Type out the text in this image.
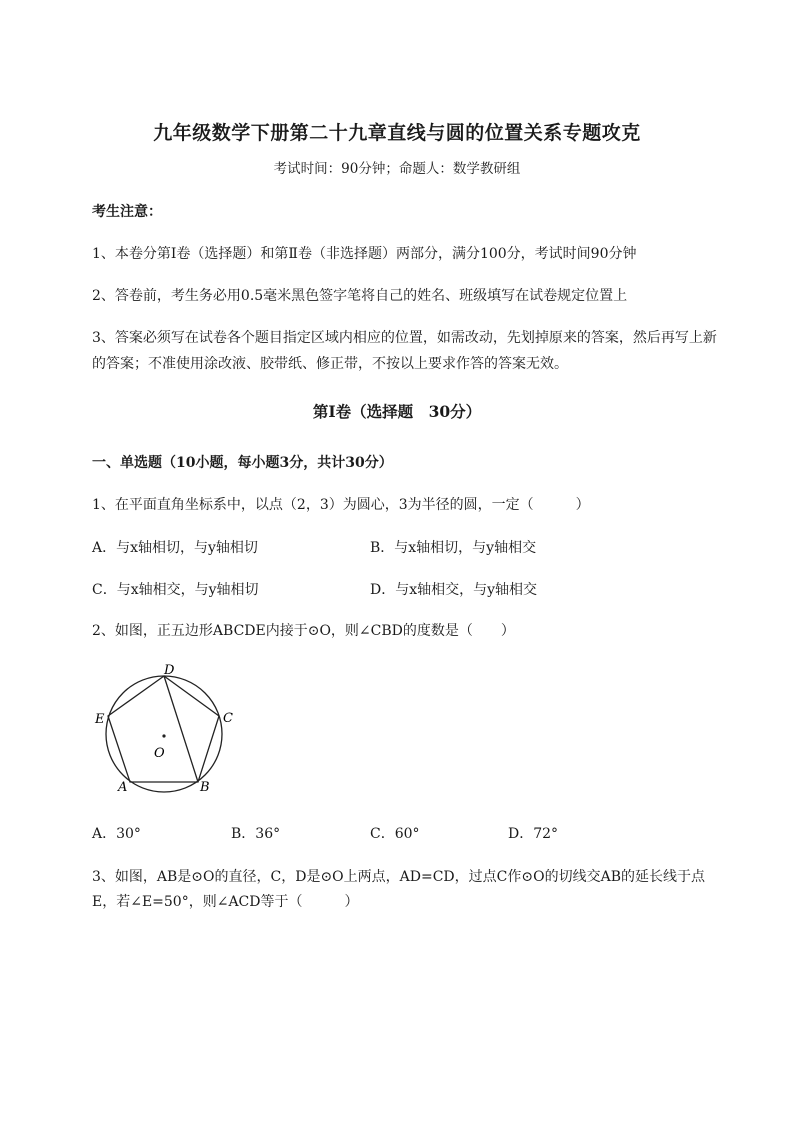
九年级数学下册第二十九章直线与圆的位置关系专题攻克
考试时间：90分钟；命题人：数学教研组
考生注意：
1、本卷分第I卷（选择题）和第Ⅱ卷（非选择题）两部分，满分100分，考试时间90分钟
2、答卷前，考生务必用0.5毫米黑色签字笔将自己的姓名、班级填写在试卷规定位置上
3、答案必须写在试卷各个题目指定区域内相应的位置，如需改动，先划掉原来的答案，然后再写上新
的答案；不准使用涂改液、胶带纸、修正带，不按以上要求作答的答案无效。
第I卷（选择题　30分）
一、单选题（10小题，每小题3分，共计30分）
1、在平面直角坐标系中，以点（2，3）为圆心，3为半径的圆，一定（　　　）
A．与x轴相切，与y轴相切	B．与x轴相切，与y轴相交
C．与x轴相交，与y轴相切	D．与x轴相交，与y轴相交
2、如图，正五边形ABCDE内接于⊙O，则∠CBD的度数是（　　）
D
C
B
A
E
O
A．30°	B．36°	C．60°	D．72°
3、如图，AB是⊙O的直径，C，D是⊙O上两点，AD=CD，过点C作⊙O的切线交AB的延长线于点
E，若∠E=50°，则∠ACD等于（　　　）
